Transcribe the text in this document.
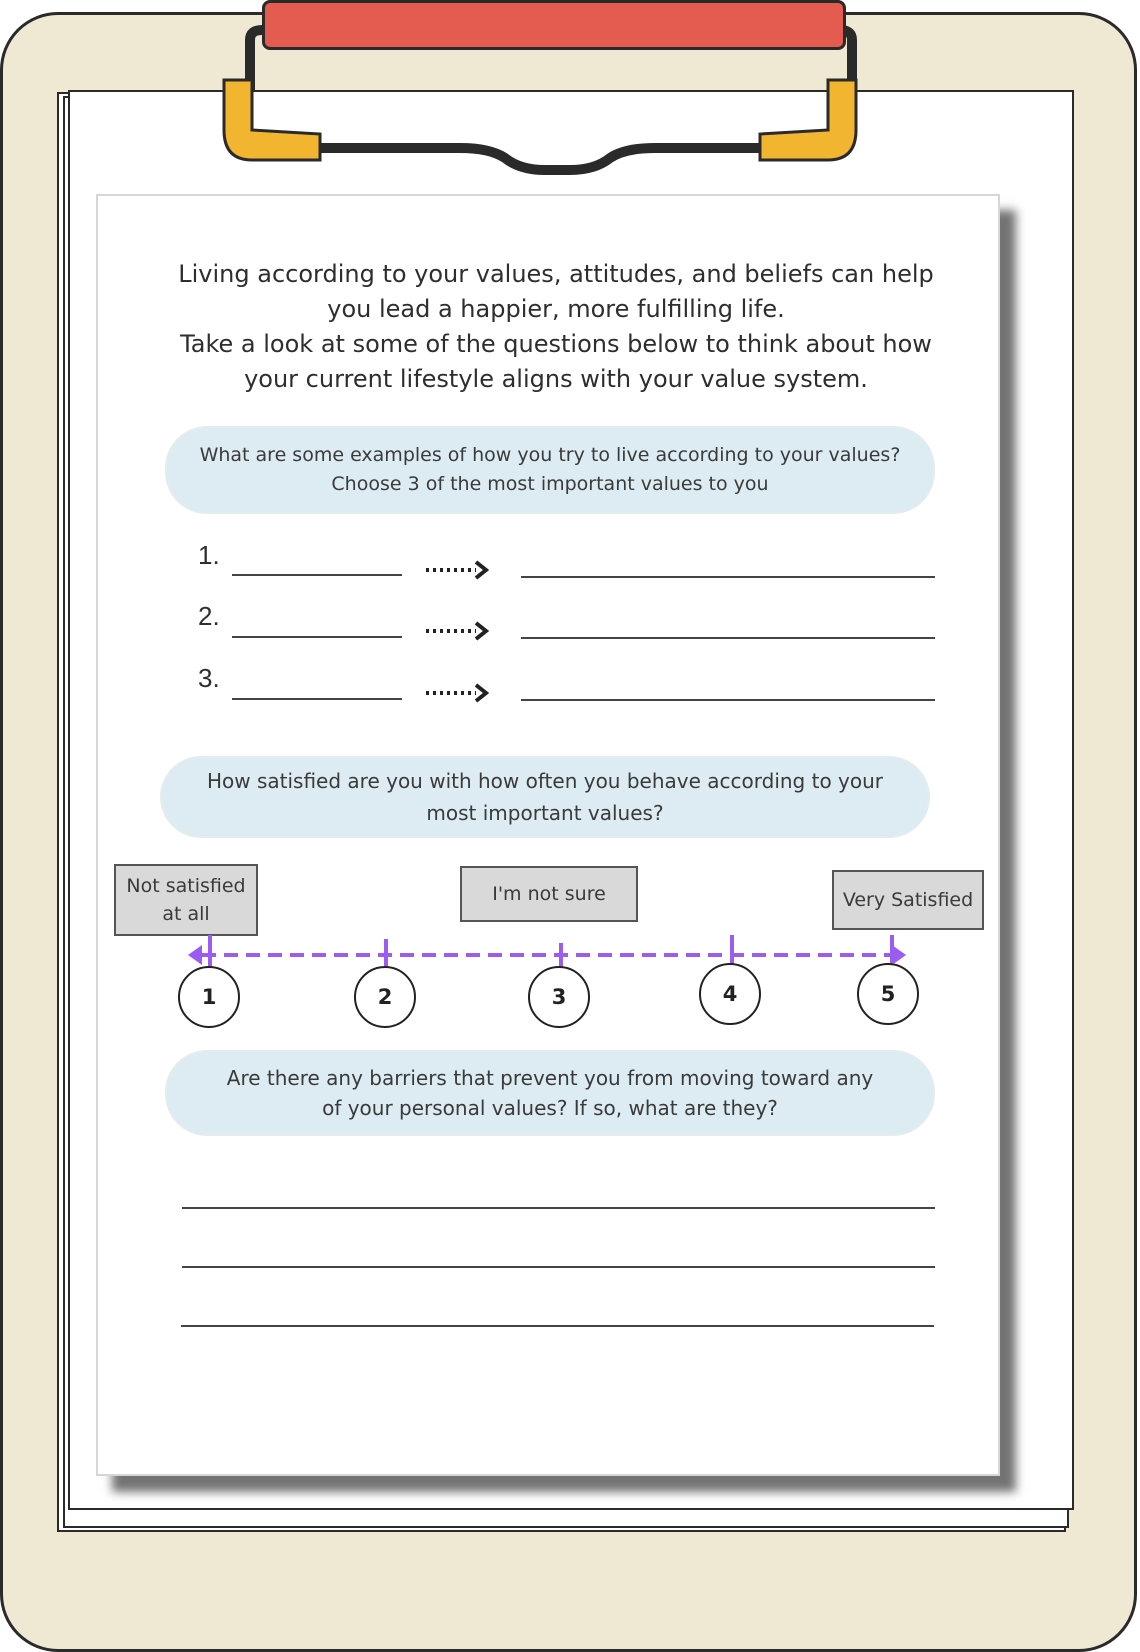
Living according to your values, attitudes, and beliefs can help

you lead a happier, more fulfilling life.

Take a look at some of the questions below to think about how

your current lifestyle aligns with your value system.

What are some examples of how you try to live according to your values?
Choose 3 of the most important values to you
1.
2.
3.
How satisfied are you with how often you behave according to your
most important values?
Not satisfied
at all
I'm not sure	Very Satisfied
1	2	3	4	5
Are there any barriers that prevent you from moving toward any
of your personal values? If so, what are they?
